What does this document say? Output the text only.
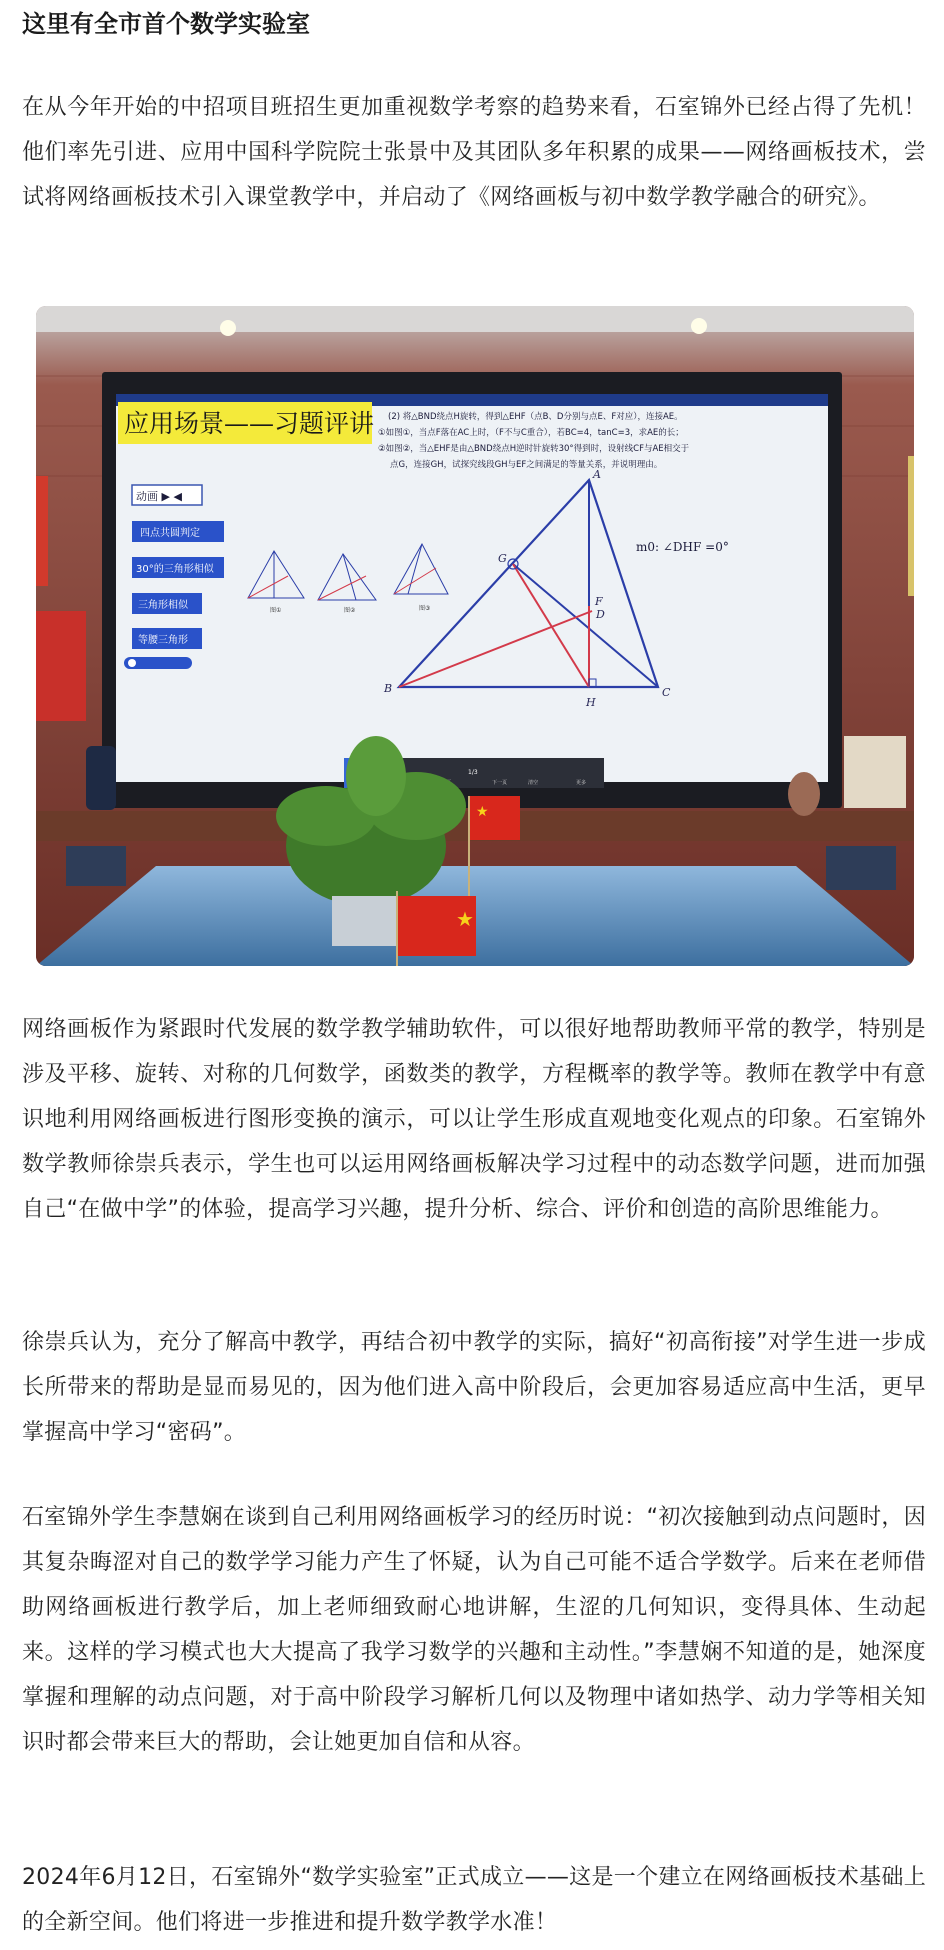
这里有全市首个数学实验室

在从今年开始的中招项目班招生更加重视数学考察的趋势来看，石室锦外已经占得了先机！他们率先引进、应用中国科学院院士张景中及其团队多年积累的成果——网络画板技术，尝试将网络画板技术引入课堂教学中，并启动了《网络画板与初中数学教学融合的研究》。

应用场景——习题评讲 (2) 将△BND绕点H旋转，得到△EHF（点B、D分别与点E、F对应），连接AE。
①如图①，当点F落在AC上时，（F不与C重合），若BC=4，tanC=3，求AE的长；
②如图②，当△EHF是由△BND绕点H逆时针旋转30°得到时，设射线CF与AE相交于
点G，连接GH，试探究线段GH与EF之间满足的等量关系，并说明理由。
动画 ▶ ◀
四点共圆判定
30°的三角形相似
三角形相似
等腰三角形
图①	图②	图③
A
B	C
D
F
G
H
m0: ∠DHF =0°
1/3
下一页	清空	更多
★
★

网络画板作为紧跟时代发展的数学教学辅助软件，可以很好地帮助教师平常的教学，特别是涉及平移、旋转、对称的几何数学，函数类的教学，方程概率的教学等。教师在教学中有意识地利用网络画板进行图形变换的演示，可以让学生形成直观地变化观点的印象。石室锦外数学教师徐崇兵表示，学生也可以运用网络画板解决学习过程中的动态数学问题，进而加强自己“在做中学”的体验，提高学习兴趣，提升分析、综合、评价和创造的高阶思维能力。

徐崇兵认为，充分了解高中教学，再结合初中教学的实际，搞好“初高衔接”对学生进一步成长所带来的帮助是显而易见的，因为他们进入高中阶段后，会更加容易适应高中生活，更早掌握高中学习“密码”。

石室锦外学生李慧娴在谈到自己利用网络画板学习的经历时说：“初次接触到动点问题时，因其复杂晦涩对自己的数学学习能力产生了怀疑，认为自己可能不适合学数学。后来在老师借助网络画板进行教学后，加上老师细致耐心地讲解，生涩的几何知识，变得具体、生动起来。这样的学习模式也大大提高了我学习数学的兴趣和主动性。”李慧娴不知道的是，她深度掌握和理解的动点问题，对于高中阶段学习解析几何以及物理中诸如热学、动力学等相关知识时都会带来巨大的帮助，会让她更加自信和从容。

2024年6月12日，石室锦外“数学实验室”正式成立——这是一个建立在网络画板技术基础上的全新空间。他们将进一步推进和提升数学教学水准！
